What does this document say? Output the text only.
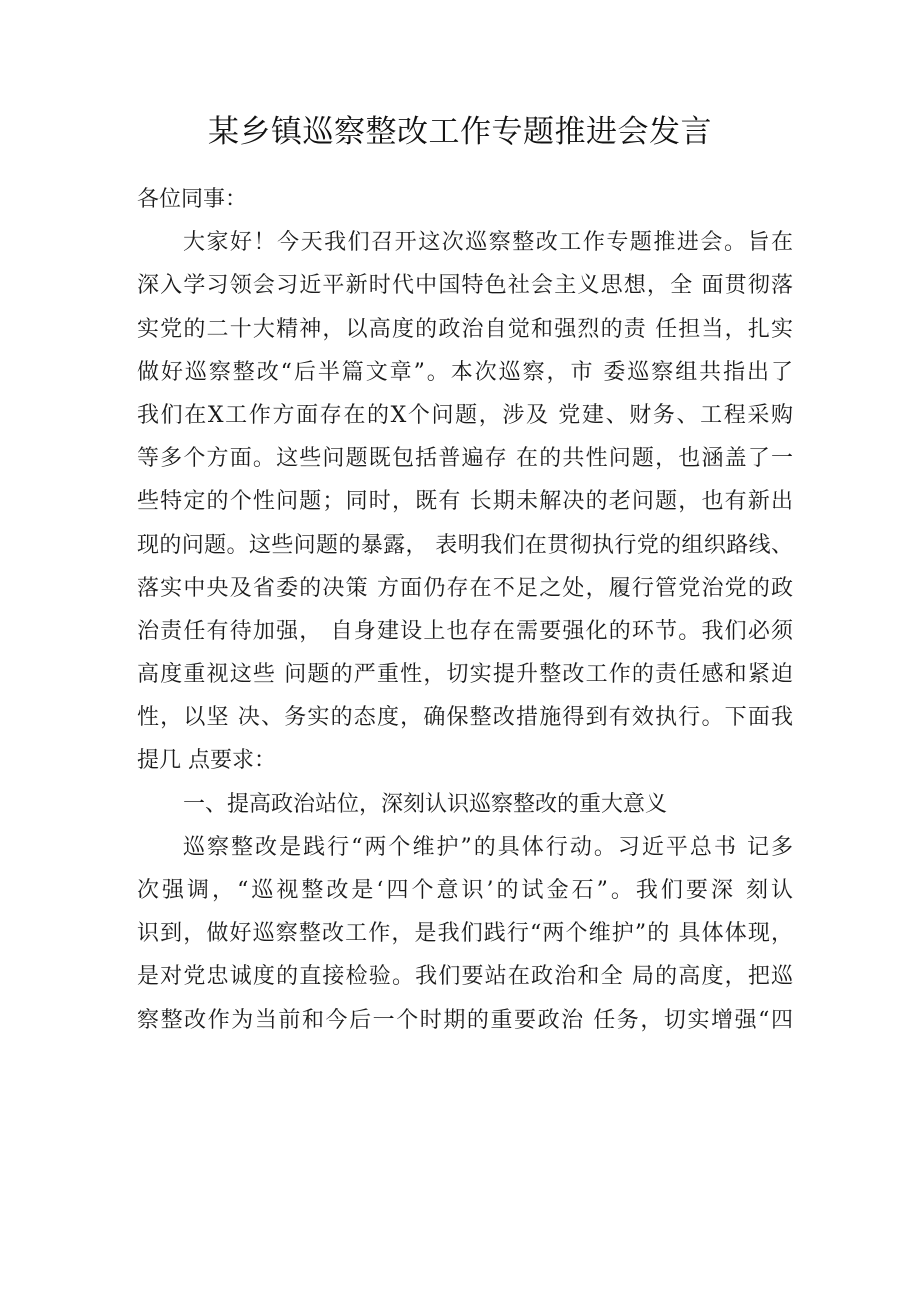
某乡镇巡察整改工作专题推进会发言

各位同事：

大家好！今天我们召开这次巡察整改工作专题推进会。旨在
深入学习领会习近平新时代中国特色社会主义思想，全 面贯彻落
实党的二十大精神，以高度的政治自觉和强烈的责 任担当，扎实
做好巡察整改“后半篇文章”。本次巡察，市 委巡察组共指出了
我们在X工作方面存在的X个问题，涉及 党建、财务、工程采购
等多个方面。这些问题既包括普遍存 在的共性问题，也涵盖了一
些特定的个性问题；同时，既有 长期未解决的老问题，也有新出
现的问题。这些问题的暴露， 表明我们在贯彻执行党的组织路线、
落实中央及省委的决策 方面仍存在不足之处，履行管党治党的政
治责任有待加强， 自身建设上也存在需要强化的环节。我们必须
高度重视这些 问题的严重性，切实提升整改工作的责任感和紧迫
性，以坚 决、务实的态度，确保整改措施得到有效执行。下面我
提几 点要求：
一、提高政治站位，深刻认识巡察整改的重大意义
巡察整改是践行“两个维护”的具体行动。习近平总书 记多
次强调，“巡视整改是‘四个意识’的试金石”。我们要深 刻认
识到，做好巡察整改工作，是我们践行“两个维护”的 具体体现，
是对党忠诚度的直接检验。我们要站在政治和全 局的高度，把巡
察整改作为当前和今后一个时期的重要政治 任务，切实增强“四
